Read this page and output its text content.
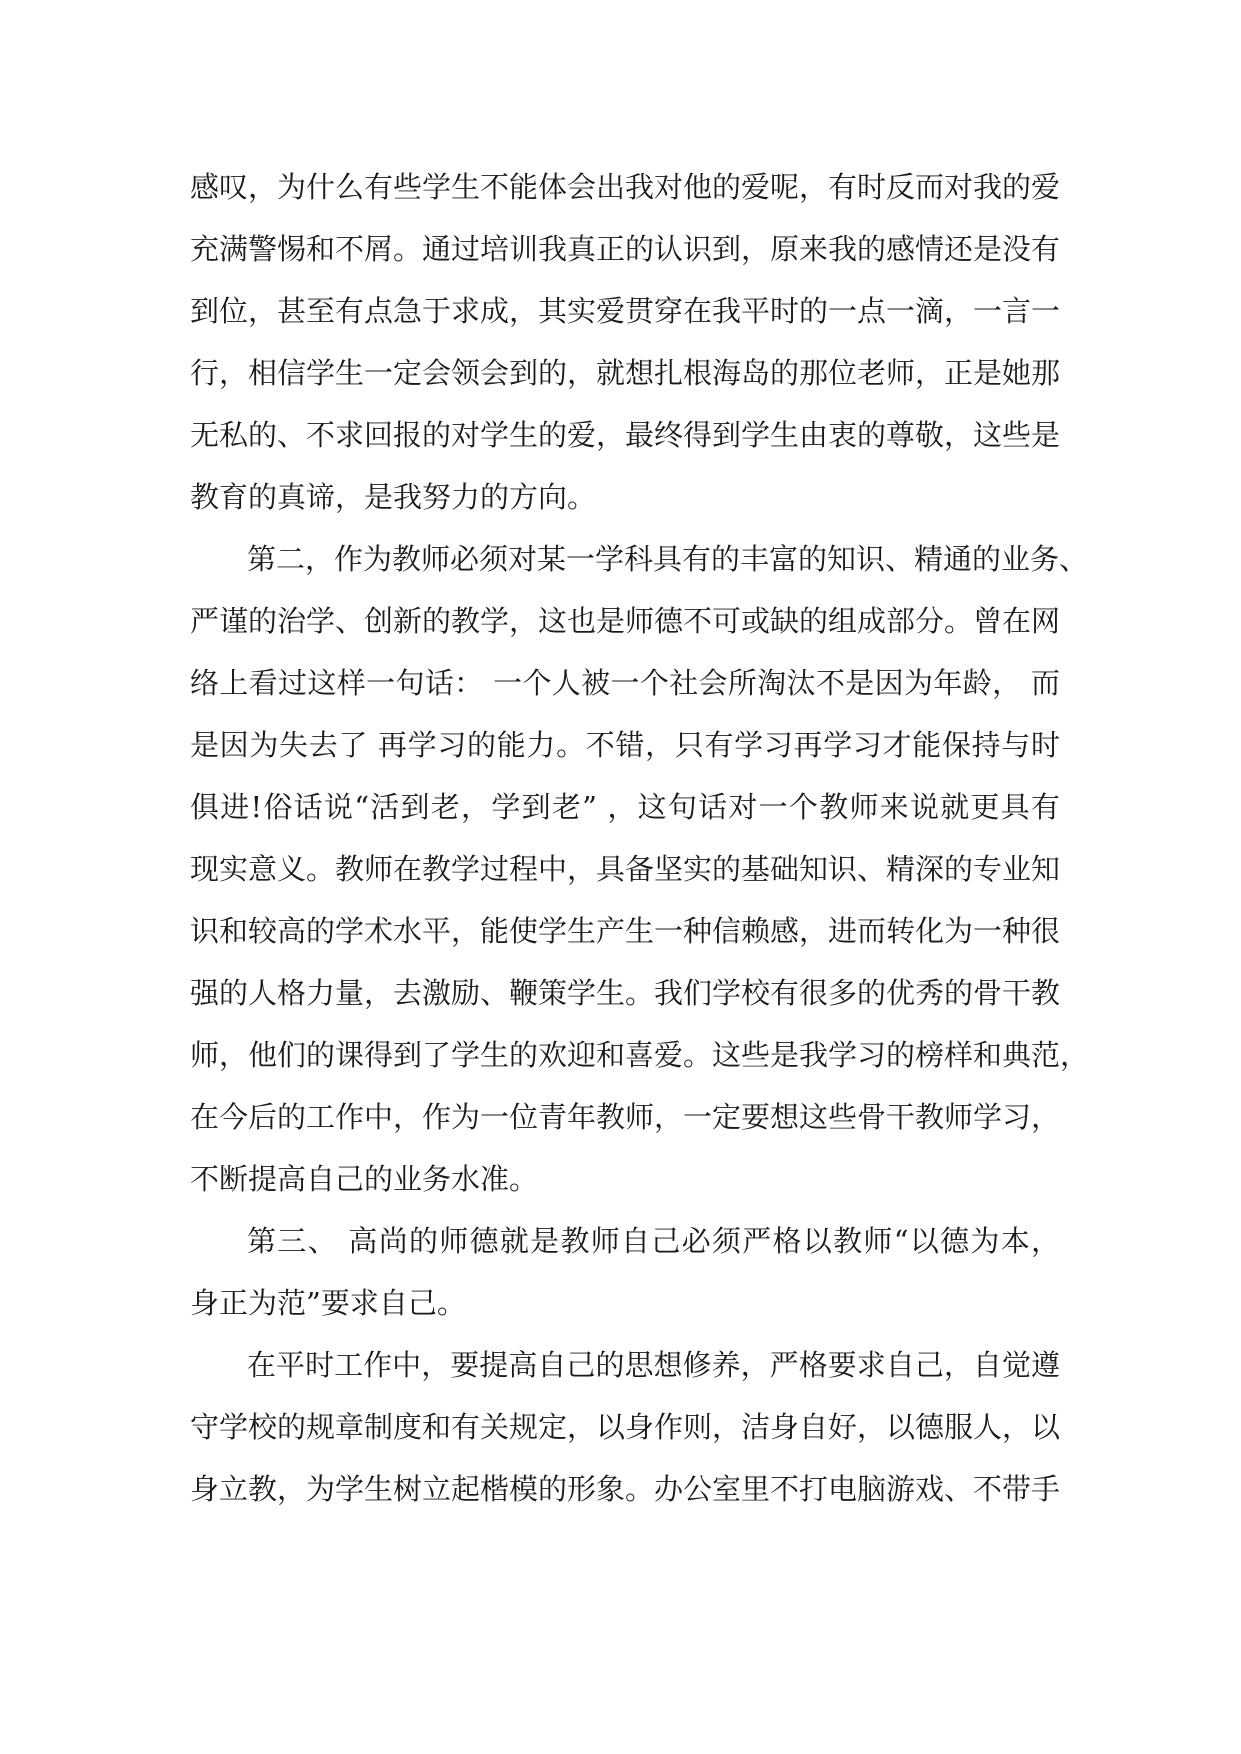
感叹，为什么有些学生不能体会出我对他的爱呢，有时反而对我的爱
充满警惕和不屑。通过培训我真正的认识到，原来我的感情还是没有
到位，甚至有点急于求成，其实爱贯穿在我平时的一点一滴，一言一
行，相信学生一定会领会到的，就想扎根海岛的那位老师，正是她那
无私的、不求回报的对学生的爱，最终得到学生由衷的尊敬，这些是
教育的真谛，是我努力的方向。
第二，作为教师必须对某一学科具有的丰富的知识、精通的业务、
严谨的治学、创新的教学，这也是师德不可或缺的组成部分。曾在网
络上看过这样一句话： 一个人被一个社会所淘汰不是因为年龄， 而
是因为失去了 再学习的能力。不错，只有学习再学习才能保持与时
俱进!俗话说“活到老，学到老” ，这句话对一个教师来说就更具有
现实意义。教师在教学过程中，具备坚实的基础知识、精深的专业知
识和较高的学术水平，能使学生产生一种信赖感，进而转化为一种很
强的人格力量，去激励、鞭策学生。我们学校有很多的优秀的骨干教
师，他们的课得到了学生的欢迎和喜爱。这些是我学习的榜样和典范，
在今后的工作中，作为一位青年教师，一定要想这些骨干教师学习，
不断提高自己的业务水准。
第三、 高尚的师德就是教师自己必须严格以教师“以德为本，
身正为范”要求自己。
在平时工作中，要提高自己的思想修养，严格要求自己，自觉遵
守学校的规章制度和有关规定，以身作则，洁身自好，以德服人，以
身立教，为学生树立起楷模的形象。办公室里不打电脑游戏、不带手
